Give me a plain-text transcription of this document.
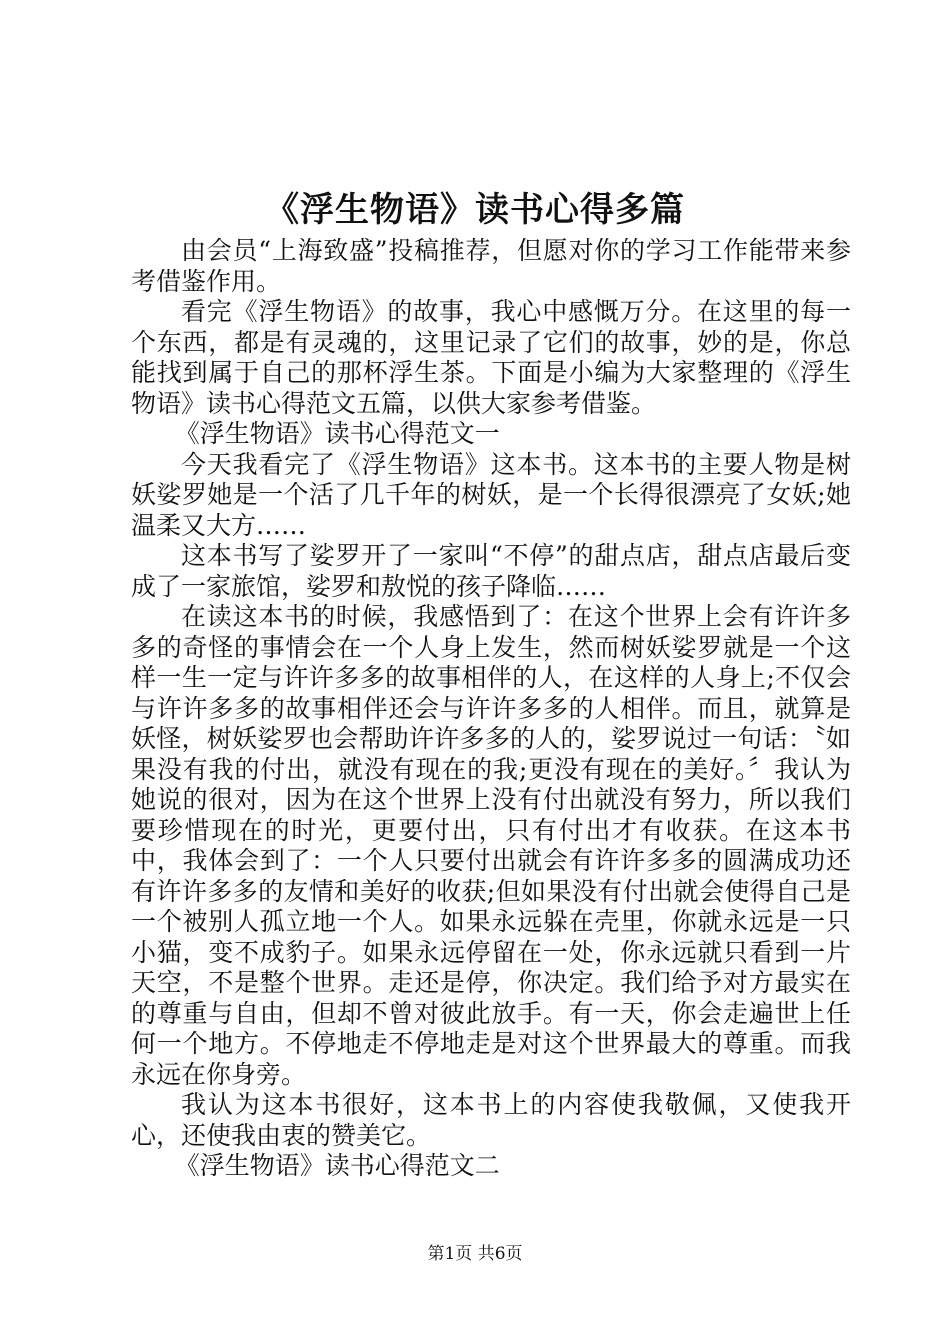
《浮生物语》读书心得多篇

由会员“上海致盛”投稿推荐，但愿对你的学习工作能带来参考借鉴作用。

看完《浮生物语》的故事，我心中感慨万分。在这里的每一个东西，都是有灵魂的，这里记录了它们的故事，妙的是，你总能找到属于自己的那杯浮生茶。下面是小编为大家整理的《浮生物语》读书心得范文五篇，以供大家参考借鉴。

《浮生物语》读书心得范文一

今天我看完了《浮生物语》这本书。这本书的主要人物是树妖娑罗她是一个活了几千年的树妖，是一个长得很漂亮了女妖;她温柔又大方……

这本书写了娑罗开了一家叫“不停”的甜点店，甜点店最后变成了一家旅馆，娑罗和敖悦的孩子降临……

在读这本书的时候，我感悟到了：在这个世界上会有许许多多的奇怪的事情会在一个人身上发生，然而树妖娑罗就是一个这样一生一定与许许多多的故事相伴的人，在这样的人身上;不仅会与许许多多的故事相伴还会与许许多多的人相伴。而且，就算是妖怪，树妖娑罗也会帮助许许多多的人的，娑罗说过一句话：〝如果没有我的付出，就没有现在的我;更没有现在的美好。〞我认为她说的很对，因为在这个世界上没有付出就没有努力，所以我们要珍惜现在的时光，更要付出，只有付出才有收获。在这本书中，我体会到了：一个人只要付出就会有许许多多的圆满成功还有许许多多的友情和美好的收获;但如果没有付出就会使得自己是一个被别人孤立地一个人。如果永远躲在壳里，你就永远是一只小猫，变不成豹子。如果永远停留在一处，你永远就只看到一片天空，不是整个世界。走还是停，你决定。我们给予对方最实在的尊重与自由，但却不曾对彼此放手。有一天，你会走遍世上任何一个地方。不停地走不停地走是对这个世界最大的尊重。而我永远在你身旁。

我认为这本书很好，这本书上的内容使我敬佩，又使我开心，还使我由衷的赞美它。

《浮生物语》读书心得范文二

第1页 共6页
